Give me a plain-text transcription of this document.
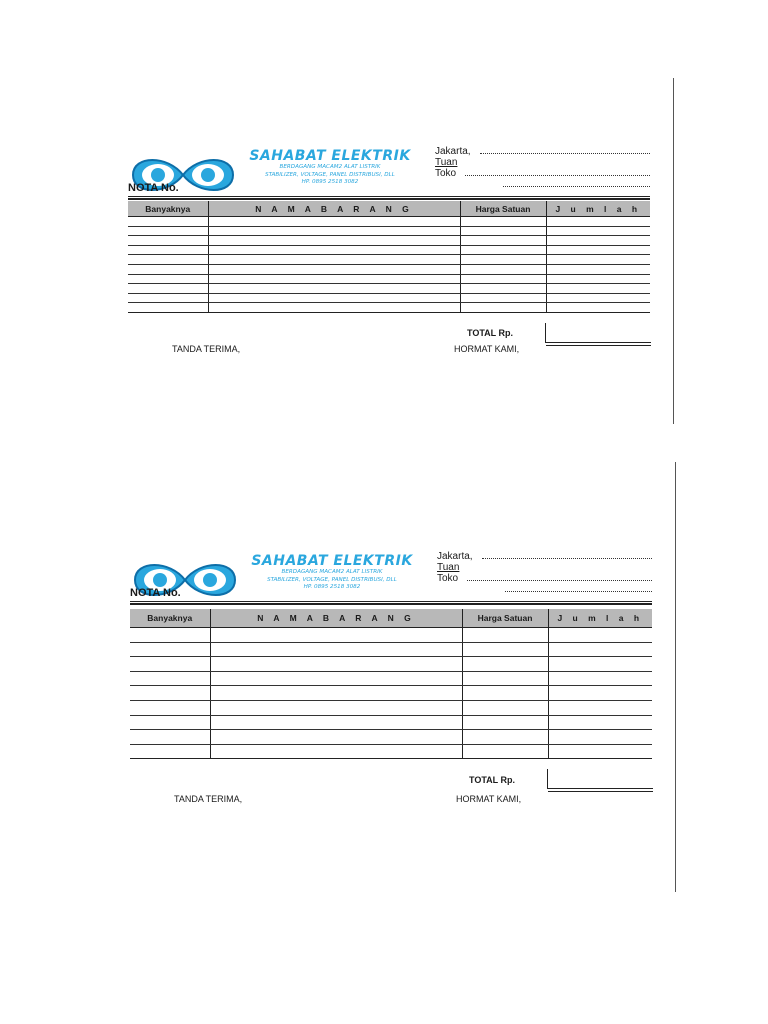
SAHABAT ELEKTRIK
BERDAGANG MACAM2 ALAT LISTRIK
STABILIZER, VOLTAGE, PANEL DISTRIBUSI, DLL
HP. 0895 2518 3082
Jakarta,
Tuan
Toko
NOTA No.
Banyaknya	N A M A B A R A N G	Harga Satuan	J u m l a h

TOTAL Rp.
TANDA TERIMA,	HORMAT KAMI,
SAHABAT ELEKTRIK
BERDAGANG MACAM2 ALAT LISTRIK
STABILIZER, VOLTAGE, PANEL DISTRIBUSI, DLL
HP. 0895 2518 3082
Jakarta,
Tuan
Toko
NOTA No.
Banyaknya	N A M A B A R A N G	Harga Satuan	J u m l a h

TOTAL Rp.
TANDA TERIMA,	HORMAT KAMI,
